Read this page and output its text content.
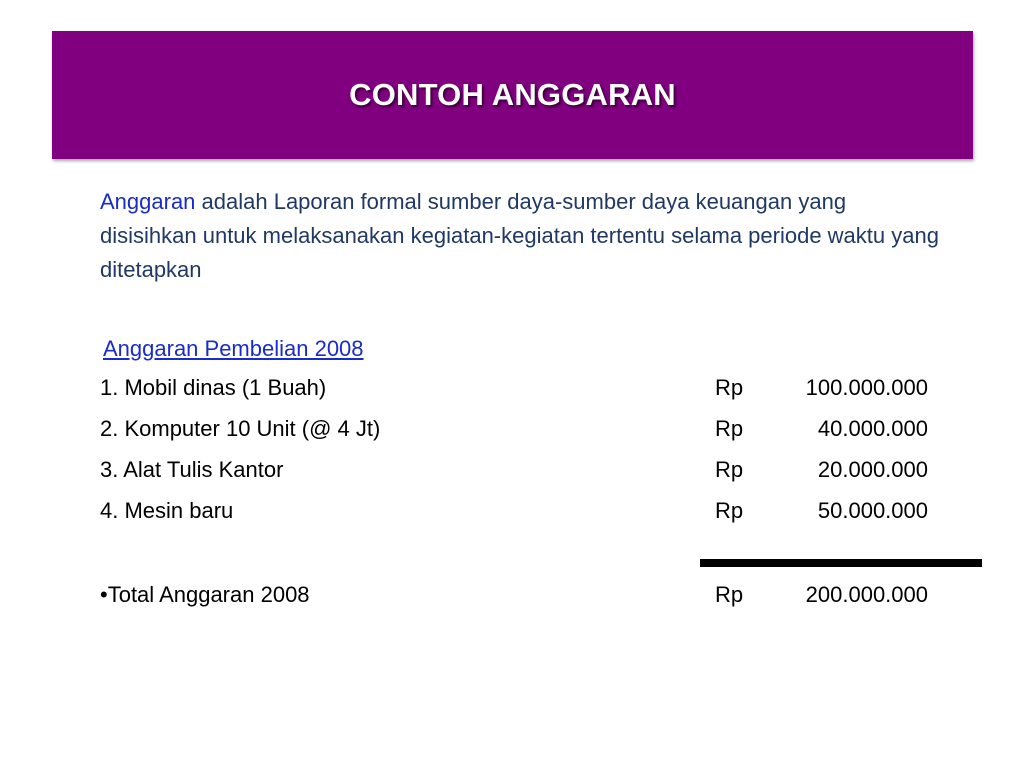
CONTOH ANGGARAN
Anggaran adalah Laporan formal sumber daya-sumber daya keuangan yang disisihkan untuk melaksanakan kegiatan-kegiatan tertentu selama periode waktu yang ditetapkan
Anggaran Pembelian 2008
1. Mobil dinas (1 Buah)	Rp	100.000.000
2. Komputer 10 Unit (@ 4 Jt)	Rp	40.000.000
3. Alat Tulis Kantor	Rp	20.000.000
4. Mesin baru	Rp	50.000.000
•Total Anggaran 2008	Rp	200.000.000
